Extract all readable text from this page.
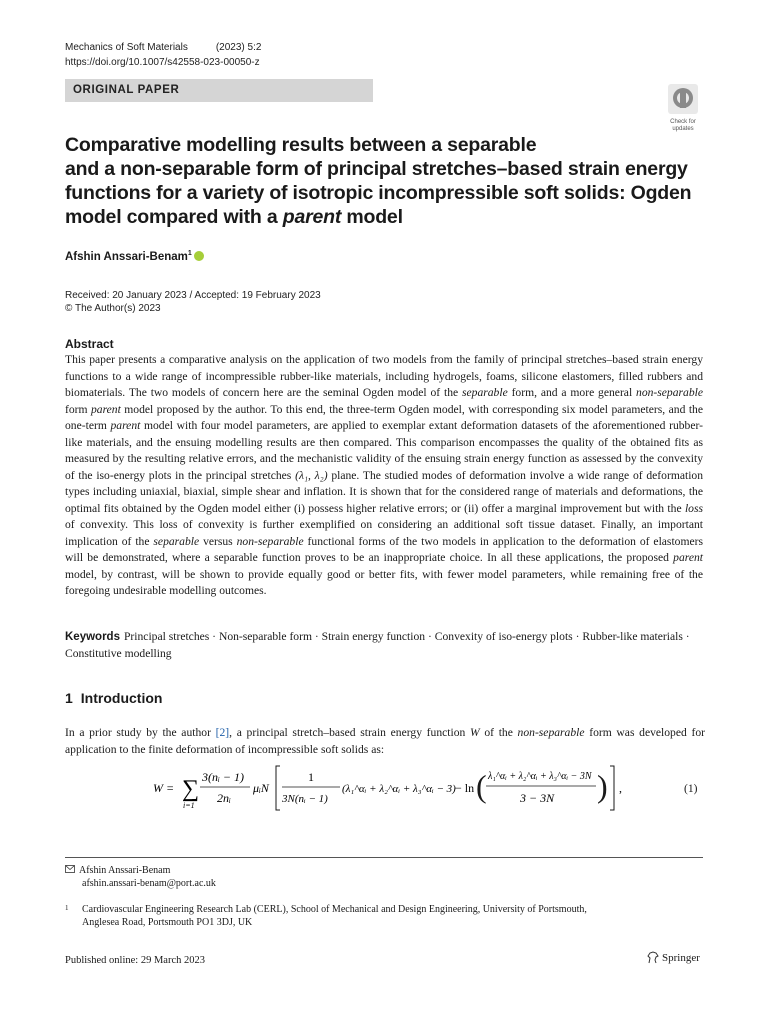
Mechanics of Soft Materials	(2023) 5:2
https://doi.org/10.1007/s42558-023-00050-z
ORIGINAL PAPER
Check for
updates
Comparative modelling results between a separable
and a non-separable form of principal stretches–based strain energy
functions for a variety of isotropic incompressible soft solids: Ogden
model compared with a parent model
Afshin Anssari-Benam$^1$
Received: 20 January 2023 / Accepted: 19 February 2023
© The Author(s) 2023
Abstract
This paper presents a comparative analysis on the application of two models from the family of principal stretches–based strain energy functions to a wide range of incompressible rubber-like materials, including hydrogels, foams, silicone elastomers, filled rubbers and biomaterials. The two models of concern here are the seminal Ogden model of the separable form, and a more general non-separable form parent model proposed by the author. To this end, the three-term Ogden model, with corresponding six model parameters, and the one-term parent model with four model parameters, are applied to exemplar extant deformation datasets of the aforementioned rubber-like materials, and the ensuing modelling results are then compared. This comparison encompasses the quality of the obtained fits as measured by the resulting relative errors, and the mechanistic validity of the ensuing strain energy function as assessed by the convexity of the iso-energy plots in the principal stretches (λ₁, λ₂) plane. The studied modes of deformation involve a wide range of deformation types including uniaxial, biaxial, simple shear and inflation. It is shown that for the considered range of materials and deformations, the optimal fits obtained by the Ogden model either (i) possess higher relative errors; or (ii) offer a marginal improvement but with the loss of convexity. This loss of convexity is further exemplified on considering an additional soft tissue dataset. Finally, an important implication of the separable versus non-separable functional forms of the two models in application to the deformation of elastomers will be demonstrated, where a separable function proves to be an inappropriate choice. In all these applications, the proposed parent model, by contrast, will be shown to provide equally good or better fits, with fewer model parameters, while remaining free of the foregoing undesirable modelling outcomes.
Keywords Principal stretches · Non-separable form · Strain energy function · Convexity of iso-energy plots · Rubber-like materials · Constitutive modelling
1 Introduction
In a prior study by the author [2], a principal stretch–based strain energy function W of the non-separable form was developed for application to the finite deformation of incompressible soft solids as:
W = ∑
i=1
3(nᵢ − 1)
2nᵢ
μᵢN
1
3N(nᵢ − 1)
(λ₁^αᵢ + λ₂^αᵢ + λ₃^αᵢ − 3) − ln ( λ₁^αᵢ + λ₂^αᵢ + λ₃^αᵢ − 3N
3 − 3N ) ,	(1)
Afshin Anssari-Benam
afshin.anssari-benam@port.ac.uk
1	Cardiovascular Engineering Research Lab (CERL), School of Mechanical and Design Engineering, University of Portsmouth,
Anglesea Road, Portsmouth PO1 3DJ, UK
Published online: 29 March 2023	Springer
